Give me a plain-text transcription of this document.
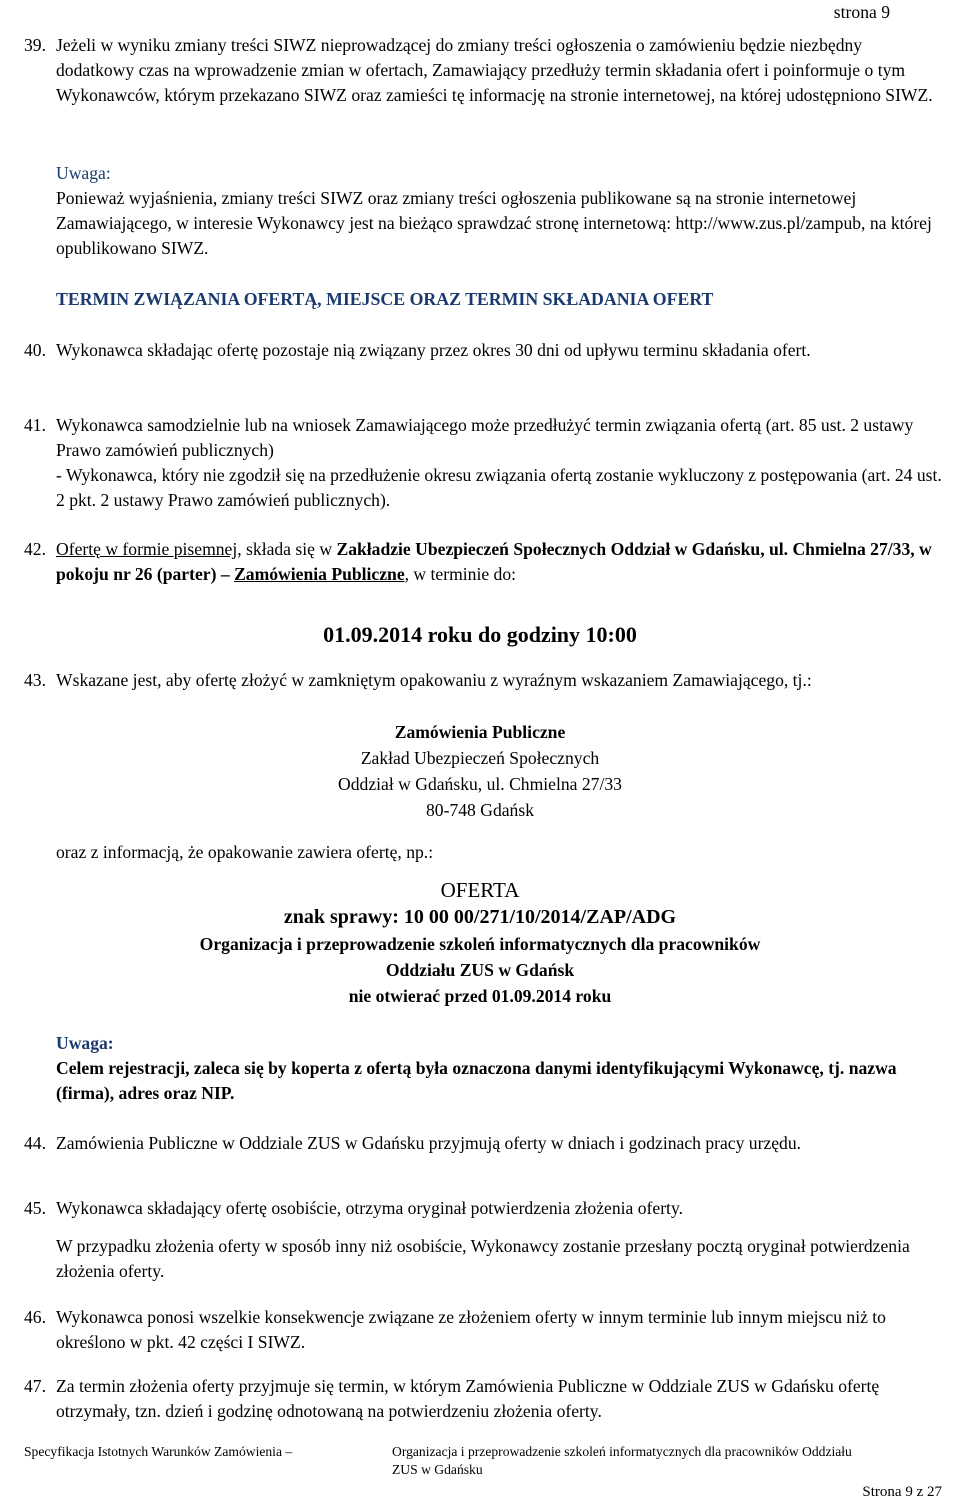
strona 9
39. Jeżeli w wyniku zmiany treści SIWZ nieprowadzącej do zmiany treści ogłoszenia o zamówieniu będzie niezbędny dodatkowy czas na wprowadzenie zmian w ofertach, Zamawiający przedłuży termin składania ofert i poinformuje o tym Wykonawców, którym przekazano SIWZ oraz zamieści tę informację na stronie internetowej, na której udostępniono SIWZ.
Uwaga:
Ponieważ wyjaśnienia, zmiany treści SIWZ oraz zmiany treści ogłoszenia publikowane są na stronie internetowej Zamawiającego, w interesie Wykonawcy jest na bieżąco sprawdzać stronę internetową: http://www.zus.pl/zampub, na której opublikowano SIWZ.
TERMIN ZWIĄZANIA OFERTĄ, MIEJSCE ORAZ TERMIN SKŁADANIA OFERT
40. Wykonawca składając ofertę pozostaje nią związany przez okres 30 dni od upływu terminu składania ofert.
41. Wykonawca samodzielnie lub na wniosek Zamawiającego może przedłużyć termin związania ofertą (art. 85 ust. 2 ustawy Prawo zamówień publicznych)
- Wykonawca, który nie zgodził się na przedłużenie okresu związania ofertą zostanie wykluczony z postępowania (art. 24 ust. 2 pkt. 2 ustawy Prawo zamówień publicznych).
42. Ofertę w formie pisemnej, składa się w Zakładzie Ubezpieczeń Społecznych Oddział w Gdańsku, ul. Chmielna 27/33, w pokoju nr 26 (parter) – Zamówienia Publiczne, w terminie do:
01.09.2014 roku do godziny 10:00
43. Wskazane jest, aby ofertę złożyć w zamkniętym opakowaniu z wyraźnym wskazaniem Zamawiającego, tj.:
Zamówienia Publiczne
Zakład Ubezpieczeń Społecznych
Oddział w Gdańsku, ul. Chmielna 27/33
80-748 Gdańsk
oraz z informacją, że opakowanie zawiera ofertę, np.:
OFERTA
znak sprawy: 10 00 00/271/10/2014/ZAP/ADG
Organizacja i przeprowadzenie szkoleń informatycznych dla pracowników
Oddziału ZUS w Gdańsk
nie otwierać przed 01.09.2014 roku
Uwaga:
Celem rejestracji, zaleca się by koperta z ofertą była oznaczona danymi identyfikującymi Wykonawcę, tj. nazwa (firma), adres oraz NIP.
44. Zamówienia Publiczne w Oddziale ZUS w Gdańsku przyjmują oferty w dniach i godzinach pracy urzędu.
45. Wykonawca składający ofertę osobiście, otrzyma oryginał potwierdzenia złożenia oferty.
W przypadku złożenia oferty w sposób inny niż osobiście, Wykonawcy zostanie przesłany pocztą oryginał potwierdzenia złożenia oferty.
46. Wykonawca ponosi wszelkie konsekwencje związane ze złożeniem oferty w innym terminie lub innym miejscu niż to określono w pkt. 42 części I SIWZ.
47. Za termin złożenia oferty przyjmuje się termin, w którym Zamówienia Publiczne w Oddziale ZUS w Gdańsku ofertę otrzymały, tzn. dzień i godzinę odnotowaną na potwierdzeniu złożenia oferty.
Specyfikacja Istotnych Warunków Zamówienia –	Organizacja i przeprowadzenie szkoleń informatycznych dla pracowników Oddziału
ZUS w Gdańsku
Strona 9 z 27
